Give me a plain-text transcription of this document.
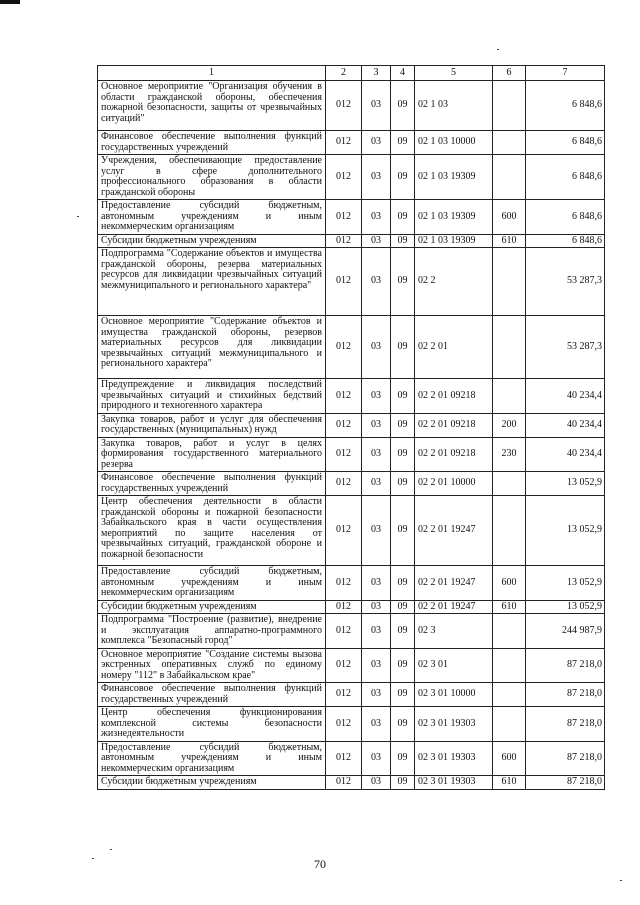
1	2	3	4	5	6	7
Основное мероприятие "Организация обучения в области гражданской обороны, обеспечения пожарной безопасности, защиты от чрезвычайных ситуаций"	012	03	09	02 1 03		6 848,6
Финансовое обеспечение выполнения функций государственных учреждений	012	03	09	02 1 03 10000		6 848,6
Учреждения, обеспечивающие предоставление услуг в сфере дополнительного профессионального образования в области гражданской обороны	012	03	09	02 1 03 19309		6 848,6
Предоставление субсидий бюджетным, автономным учреждениям и иным некоммерческим организациям	012	03	09	02 1 03 19309	600	6 848,6
Субсидии бюджетным учреждениям	012	03	09	02 1 03 19309	610	6 848,6
Подпрограмма "Содержание объектов и имущества гражданской обороны, резерва материальных ресурсов для ликвидации чрезвычайных ситуаций межмуниципального и регионального характера"	012	03	09	02 2		53 287,3
Основное мероприятие "Содержание объектов и имущества гражданской обороны, резервов материальных ресурсов для ликвидации чрезвычайных ситуаций межмуниципального и регионального характера"	012	03	09	02 2 01		53 287,3
Предупреждение и ликвидация последствий чрезвычайных ситуаций и стихийных бедствий природного и техногенного характера	012	03	09	02 2 01 09218		40 234,4
Закупка товаров, работ и услуг для обеспечения государственных (муниципальных) нужд	012	03	09	02 2 01 09218	200	40 234,4
Закупка товаров, работ и услуг в целях формирования государственного материального резерва	012	03	09	02 2 01 09218	230	40 234,4
Финансовое обеспечение выполнения функций государственных учреждений	012	03	09	02 2 01 10000		13 052,9
Центр обеспечения деятельности в области гражданской обороны и пожарной безопасности Забайкальского края в части осуществления мероприятий по защите населения от чрезвычайных ситуаций, гражданской обороне и пожарной безопасности	012	03	09	02 2 01 19247		13 052,9
Предоставление субсидий бюджетным, автономным учреждениям и иным некоммерческим организациям	012	03	09	02 2 01 19247	600	13 052,9
Субсидии бюджетным учреждениям	012	03	09	02 2 01 19247	610	13 052,9
Подпрограмма "Построение (развитие), внедрение и эксплуатация аппаратно-программного комплекса "Безопасный город"	012	03	09	02 3		244 987,9
Основное мероприятие "Создание системы вызова экстренных оперативных служб по единому номеру "112" в Забайкальском крае"	012	03	09	02 3 01		87 218,0
Финансовое обеспечение выполнения функций государственных учреждений	012	03	09	02 3 01 10000		87 218,0
Центр обеспечения функционирования комплексной системы безопасности жизнедеятельности	012	03	09	02 3 01 19303		87 218,0
Предоставление субсидий бюджетным, автономным учреждениям и иным некоммерческим организациям	012	03	09	02 3 01 19303	600	87 218,0
Субсидии бюджетным учреждениям	012	03	09	02 3 01 19303	610	87 218,0
70
